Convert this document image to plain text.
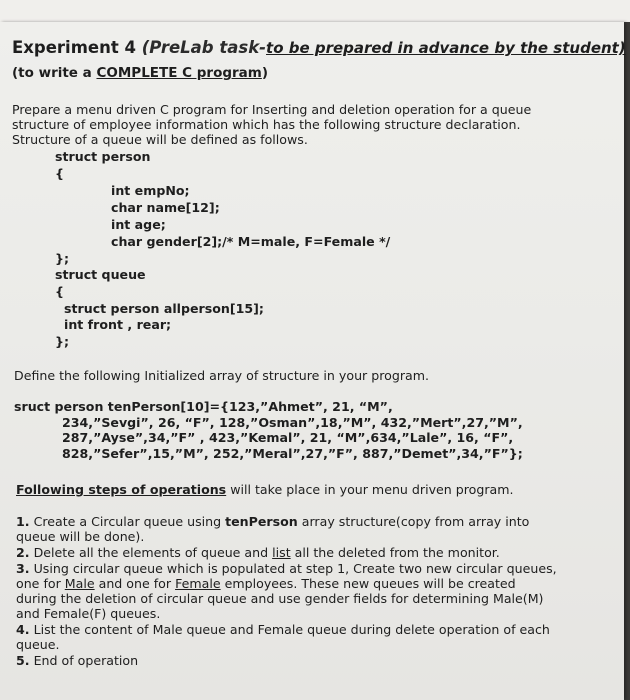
Experiment 4 (PreLab task-to be prepared in advance by the student)
(to write a COMPLETE C program)
Prepare a menu driven C program for Inserting and deletion operation for a queue
structure of employee information which has the following structure declaration.
Structure of a queue will be defined as follows.
struct person
{
int empNo;
char name[12];
int age;
char gender[2];/* M=male, F=Female */
};
struct queue
{
struct person allperson[15];
int front , rear;
};
Define the following Initialized array of structure in your program.
sruct person tenPerson[10]={123,”Ahmet”, 21, “M”,
234,”Sevgi”, 26, “F”, 128,”Osman”,18,”M”, 432,”Mert”,27,”M”,
287,”Ayse”,34,”F” , 423,”Kemal”, 21, “M”,634,”Lale”, 16, “F”,
828,”Sefer”,15,”M”, 252,”Meral”,27,”F”, 887,”Demet”,34,”F”};
Following steps of operations will take place in your menu driven program.
1. Create a Circular queue using tenPerson array structure(copy from array into
queue will be done).
2. Delete all the elements of queue and list all the deleted from the monitor.
3. Using circular queue which is populated at step 1, Create two new circular queues,
one for Male and one for Female employees. These new queues will be created
during the deletion of circular queue and use gender fields for determining Male(M)
and Female(F) queues.
4. List the content of Male queue and Female queue during delete operation of each
queue.
5. End of operation
